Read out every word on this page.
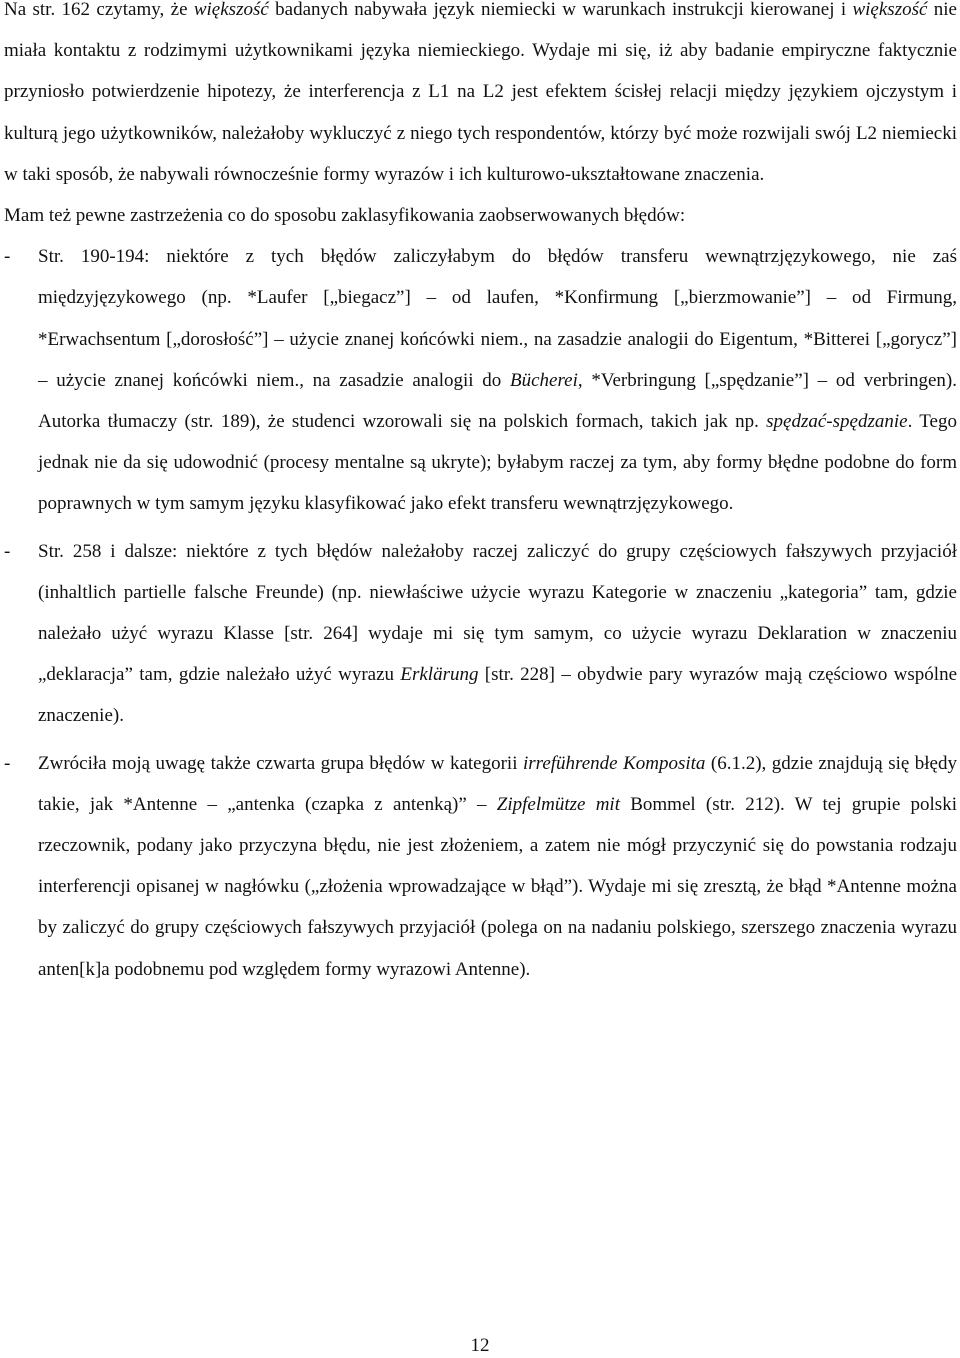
Na str. 162 czytamy, że większość badanych nabywała język niemiecki w warunkach instrukcji kierowanej i większość nie miała kontaktu z rodzimymi użytkownikami języka niemieckiego. Wydaje mi się, iż aby badanie empiryczne faktycznie przyniosło potwierdzenie hipotezy, że interferencja z L1 na L2 jest efektem ścisłej relacji między językiem ojczystym i kulturą jego użytkowników, należałoby wykluczyć z niego tych respondentów, którzy być może rozwijali swój L2 niemiecki w taki sposób, że nabywali równocześnie formy wyrazów i ich kulturowo-ukształtowane znaczenia.

Mam też pewne zastrzeżenia co do sposobu zaklasyfikowania zaobserwowanych błędów:

-	Str. 190-194: niektóre z tych błędów zaliczyłabym do błędów transferu wewnątrzjęzykowego, nie zaś międzyjęzykowego (np. *Laufer [„biegacz”] – od laufen, *Konfirmung [„bierzmowanie”] – od Firmung, *Erwachsentum [„dorosłość”] – użycie znanej końcówki niem., na zasadzie analogii do Eigentum, *Bitterei [„gorycz”] – użycie znanej końcówki niem., na zasadzie analogii do Bücherei, *Verbringung [„spędzanie”] – od verbringen). Autorka tłumaczy (str. 189), że studenci wzorowali się na polskich formach, takich jak np. spędzać-spędzanie. Tego jednak nie da się udowodnić (procesy mentalne są ukryte); byłabym raczej za tym, aby formy błędne podobne do form poprawnych w tym samym języku klasyfikować jako efekt transferu wewnątrzjęzykowego.
-	Str. 258 i dalsze: niektóre z tych błędów należałoby raczej zaliczyć do grupy częściowych fałszywych przyjaciół (inhaltlich partielle falsche Freunde) (np. niewłaściwe użycie wyrazu Kategorie w znaczeniu „kategoria” tam, gdzie należało użyć wyrazu Klasse [str. 264] wydaje mi się tym samym, co użycie wyrazu Deklaration w znaczeniu „deklaracja” tam, gdzie należało użyć wyrazu Erklärung [str. 228] – obydwie pary wyrazów mają częściowo wspólne znaczenie).
-	Zwróciła moją uwagę także czwarta grupa błędów w kategorii irreführende Komposita (6.1.2), gdzie znajdują się błędy takie, jak *Antenne – „antenka (czapka z antenką)” – Zipfelmütze mit Bommel (str. 212). W tej grupie polski rzeczownik, podany jako przyczyna błędu, nie jest złożeniem, a zatem nie mógł przyczynić się do powstania rodzaju interferencji opisanej w nagłówku („złożenia wprowadzające w błąd”). Wydaje mi się zresztą, że błąd *Antenne można by zaliczyć do grupy częściowych fałszywych przyjaciół (polega on na nadaniu polskiego, szerszego znaczenia wyrazu anten[k]a podobnemu pod względem formy wyrazowi Antenne).
12
